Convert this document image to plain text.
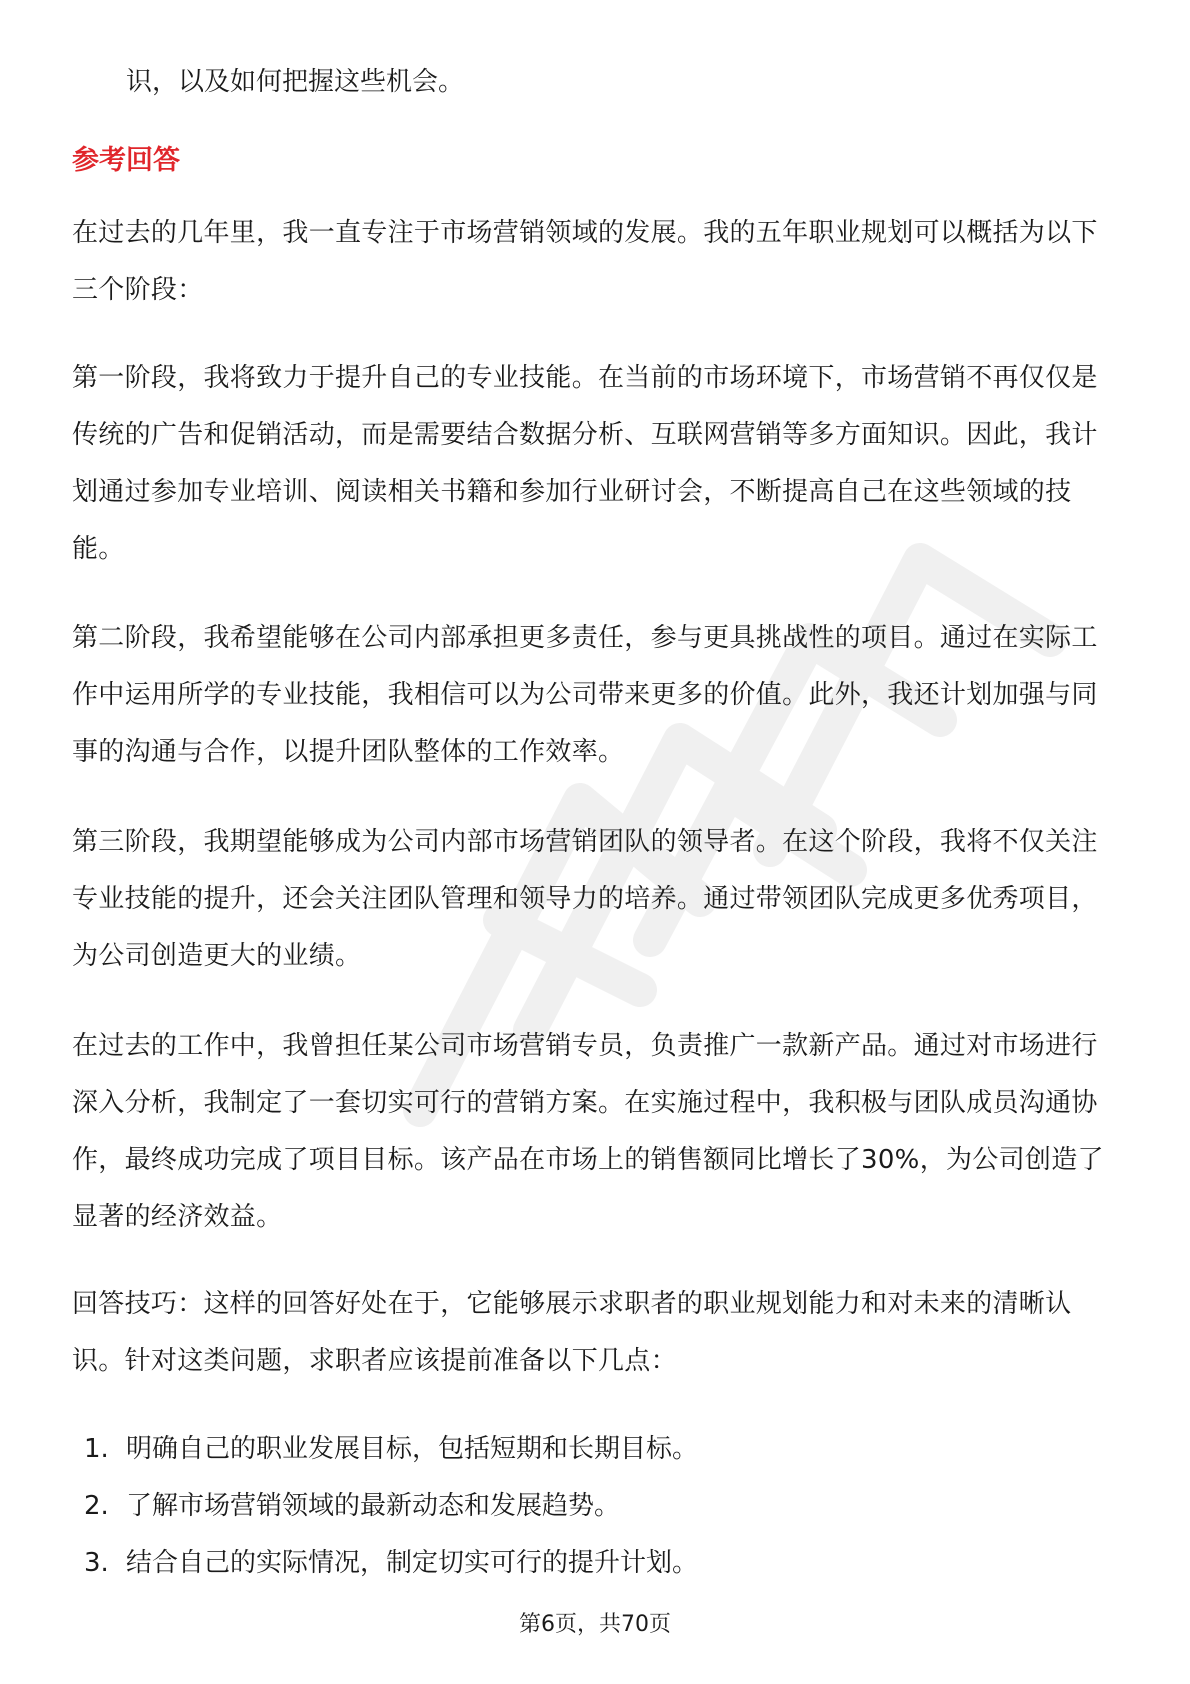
识，以及如何把握这些机会。
参考回答
在过去的几年里，我一直专注于市场营销领域的发展。我的五年职业规划可以概括为以下三个阶段：
第一阶段，我将致力于提升自己的专业技能。在当前的市场环境下，市场营销不再仅仅是传统的广告和促销活动，而是需要结合数据分析、互联网营销等多方面知识。因此，我计划通过参加专业培训、阅读相关书籍和参加行业研讨会，不断提高自己在这些领域的技能。
第二阶段，我希望能够在公司内部承担更多责任，参与更具挑战性的项目。通过在实际工作中运用所学的专业技能，我相信可以为公司带来更多的价值。此外，我还计划加强与同事的沟通与合作，以提升团队整体的工作效率。
第三阶段，我期望能够成为公司内部市场营销团队的领导者。在这个阶段，我将不仅关注专业技能的提升，还会关注团队管理和领导力的培养。通过带领团队完成更多优秀项目，为公司创造更大的业绩。
在过去的工作中，我曾担任某公司市场营销专员，负责推广一款新产品。通过对市场进行深入分析，我制定了一套切实可行的营销方案。在实施过程中，我积极与团队成员沟通协作，最终成功完成了项目目标。该产品在市场上的销售额同比增长了30%，为公司创造了显著的经济效益。
回答技巧：这样的回答好处在于，它能够展示求职者的职业规划能力和对未来的清晰认识。针对这类问题，求职者应该提前准备以下几点：
1. 明确自己的职业发展目标，包括短期和长期目标。
2. 了解市场营销领域的最新动态和发展趋势。
3. 结合自己的实际情况，制定切实可行的提升计划。
第6页，共70页
